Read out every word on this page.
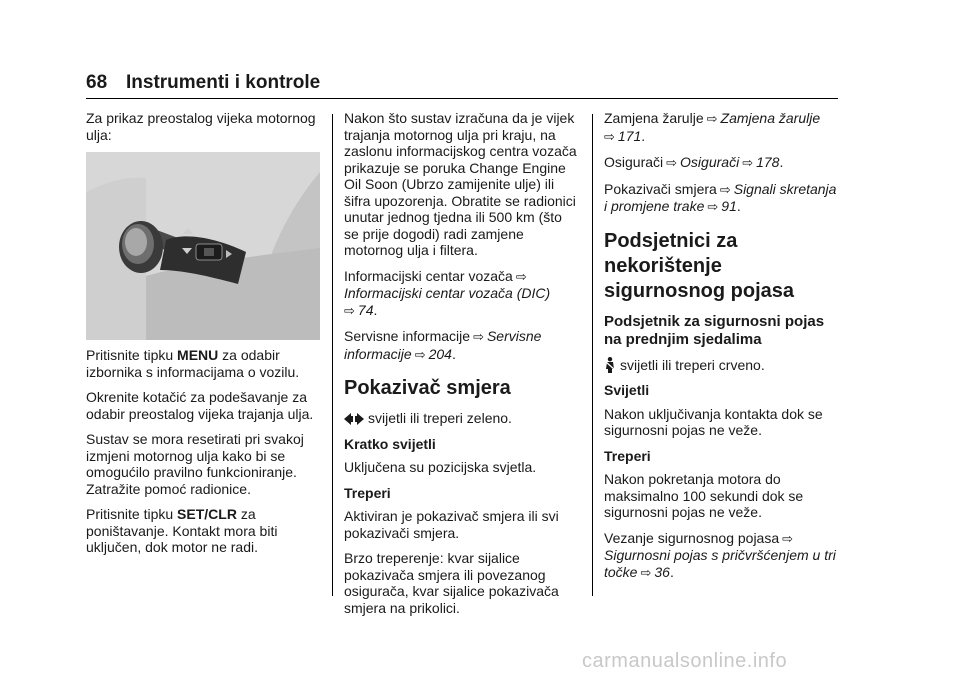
68 Instrumenti i kontrole

Za prikaz preostalog vijeka motornog ulja:

Pritisnite tipku MENU za odabir izbornika s informacijama o vozilu.

Okrenite kotačić za podešavanje za odabir preostalog vijeka trajanja ulja.

Sustav se mora resetirati pri svakoj izmjeni motornog ulja kako bi se omogućilo pravilno funkcioniranje. Zatražite pomoć radionice.

Pritisnite tipku SET/CLR za poništavanje. Kontakt mora biti uključen, dok motor ne radi.

Nakon što sustav izračuna da je vijek trajanja motornog ulja pri kraju, na zaslonu informacijskog centra vozača prikazuje se poruka Change Engine Oil Soon (Ubrzo zamijenite ulje) ili šifra upozorenja. Obratite se radionici unutar jednog tjedna ili 500 km (što se prije dogodi) radi zamjene motornog ulja i filtera.

Informacijski centar vozača ⇨
Informacijski centar vozača (DIC)
⇨ 74.

Servisne informacije ⇨ Servisne informacije ⇨ 204.

Pokazivač smjera

svijetli ili treperi zeleno.

Kratko svijetli

Uključena su pozicijska svjetla.

Treperi

Aktiviran je pokazivač smjera ili svi pokazivači smjera.

Brzo treperenje: kvar sijalice pokazivača smjera ili povezanog osigurača, kvar sijalice pokazivača smjera na prikolici.

Zamjena žarulje ⇨ Zamjena žarulje
⇨ 171.

Osigurači ⇨ Osigurači ⇨ 178.

Pokazivači smjera ⇨ Signali skretanja i promjene trake ⇨ 91.

Podsjetnici za nekorištenje sigurnosnog pojasa
Podsjetnik za sigurnosni pojas na prednjim sjedalima

svijetli ili treperi crveno.

Svijetli

Nakon uključivanja kontakta dok se sigurnosni pojas ne veže.

Treperi

Nakon pokretanja motora do maksimalno 100 sekundi dok se sigurnosni pojas ne veže.

Vezanje sigurnosnog pojasa ⇨
Sigurnosni pojas s pričvršćenjem u tri točke ⇨ 36.

carmanualsonline.info
